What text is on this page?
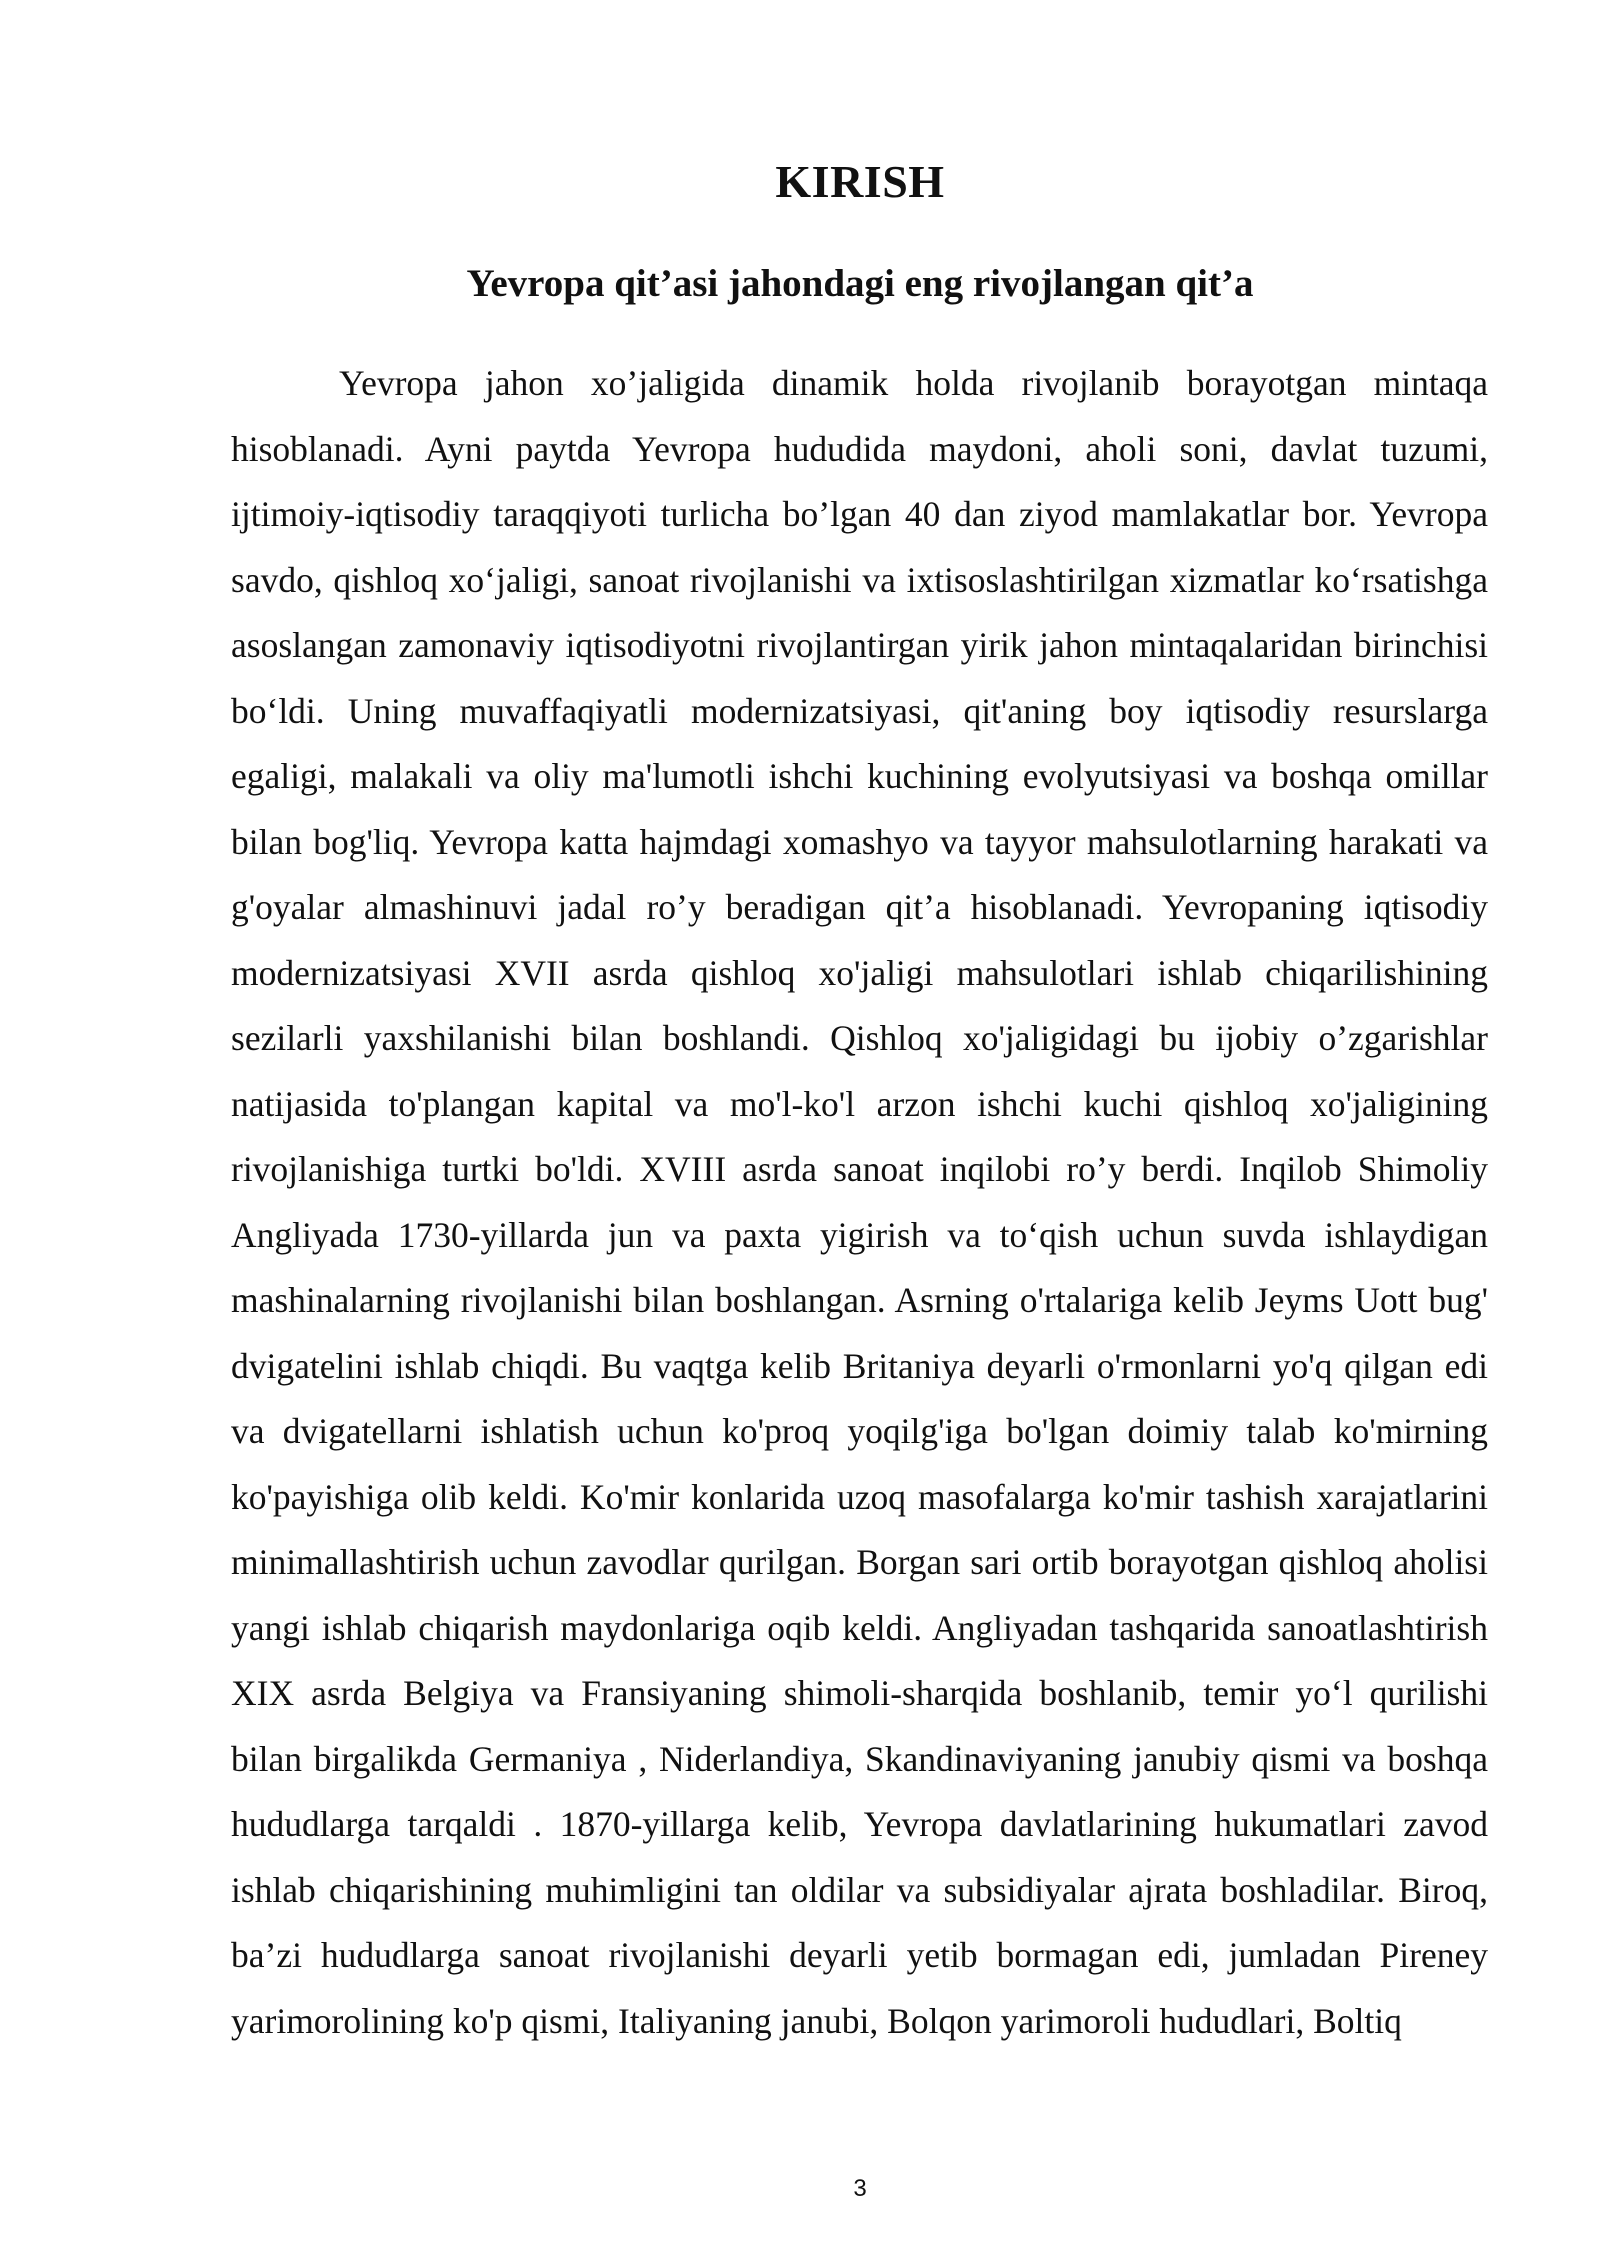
KIRISH
Yevropa qit’asi jahondagi eng rivojlangan qit’a

Yevropa jahon xo’jaligida dinamik holda rivojlanib borayotgan mintaqa hisoblanadi. Ayni paytda Yevropa hududida maydoni, aholi soni, davlat tuzumi, ijtimoiy-iqtisodiy taraqqiyoti turlicha bo’lgan 40 dan ziyod mamlakatlar bor. Yevropa savdo, qishloq xo‘jaligi, sanoat rivojlanishi va ixtisoslashtirilgan xizmatlar ko‘rsatishga asoslangan zamonaviy iqtisodiyotni rivojlantirgan yirik jahon mintaqalaridan birinchisi bo‘ldi. Uning muvaffaqiyatli modernizatsiyasi, qit'aning boy iqtisodiy resurslarga egaligi, malakali va oliy ma'lumotli ishchi kuchining evolyutsiyasi va boshqa omillar bilan bog'liq. Yevropa katta hajmdagi xomashyo va tayyor mahsulotlarning harakati va g'oyalar almashinuvi jadal ro’y beradigan qit’a hisoblanadi. Yevropaning iqtisodiy modernizatsiyasi XVII asrda qishloq xo'jaligi mahsulotlari ishlab chiqarilishining sezilarli yaxshilanishi bilan boshlandi. Qishloq xo'jaligidagi bu ijobiy o’zgarishlar natijasida to'plangan kapital va mo'l-ko'l arzon ishchi kuchi qishloq xo'jaligining rivojlanishiga turtki bo'ldi. XVIII asrda sanoat inqilobi ro’y berdi. Inqilob Shimoliy Angliyada 1730-yillarda jun va paxta yigirish va to‘qish uchun suvda ishlaydigan mashinalarning rivojlanishi bilan boshlangan. Asrning o'rtalariga kelib Jeyms Uott bug' dvigatelini ishlab chiqdi. Bu vaqtga kelib Britaniya deyarli o'rmonlarni yo'q qilgan edi va dvigatellarni ishlatish uchun ko'proq yoqilg'iga bo'lgan doimiy talab ko'mirning ko'payishiga olib keldi. Ko'mir konlarida uzoq masofalarga ko'mir tashish xarajatlarini minimallashtirish uchun zavodlar qurilgan. Borgan sari ortib borayotgan qishloq aholisi yangi ishlab chiqarish maydonlariga oqib keldi. Angliyadan tashqarida sanoatlashtirish XIX asrda Belgiya va Fransiyaning shimoli-sharqida boshlanib, temir yo‘l qurilishi bilan birgalikda Germaniya , Niderlandiya, Skandinaviyaning janubiy qismi va boshqa hududlarga tarqaldi . 1870-yillarga kelib, Yevropa davlatlarining hukumatlari zavod ishlab chiqarishining muhimligini tan oldilar va subsidiyalar ajrata boshladilar. Biroq, ba’zi hududlarga sanoat rivojlanishi deyarli yetib bormagan edi, jumladan Pireney yarimorolining ko'p qismi, Italiyaning janubi, Bolqon yarimoroli hududlari, Boltiq

3
